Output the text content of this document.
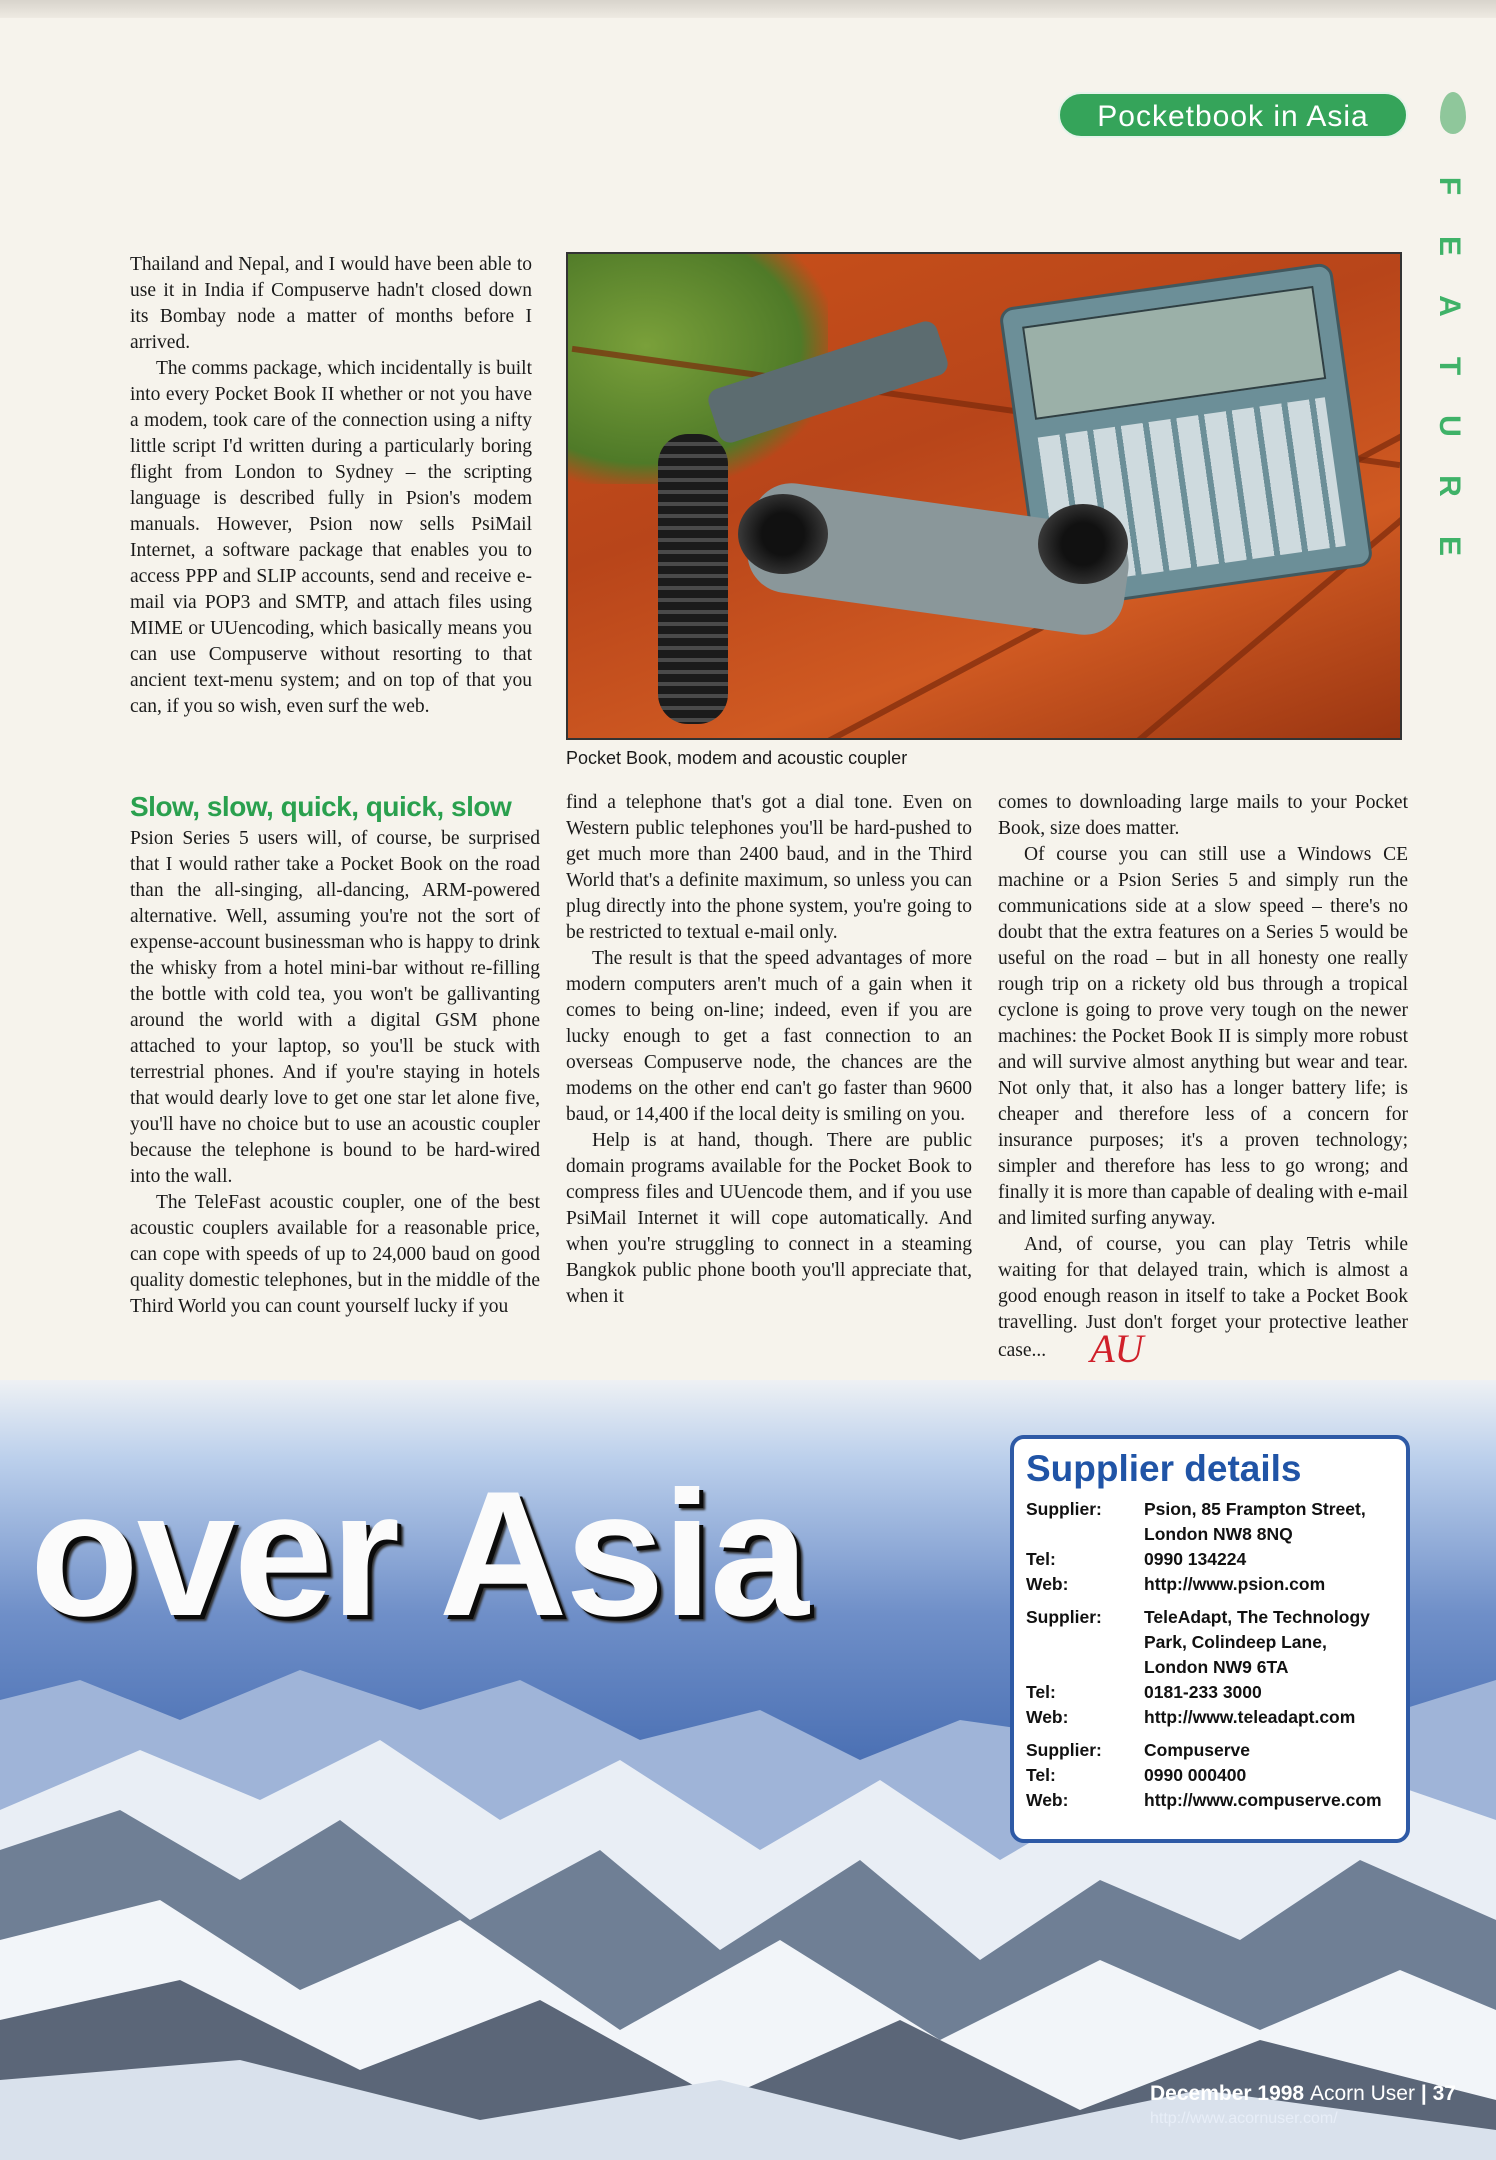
Pocketbook in Asia
F
E
A
T
U
R
E

Thailand and Nepal, and I would have been able to use it in India if Compuserve hadn't closed down its Bombay node a matter of months before I arrived.

The comms package, which incidentally is built into every Pocket Book II whether or not you have a modem, took care of the connection using a nifty little script I'd written during a particularly boring flight from London to Sydney – the scripting language is described fully in Psion's modem manuals. However, Psion now sells PsiMail Internet, a software package that enables you to access PPP and SLIP accounts, send and receive e-mail via POP3 and SMTP, and attach files using MIME or UUencoding, which basically means you can use Compuserve without resorting to that ancient text-menu system; and on top of that you can, if you so wish, even surf the web.

Pocket Book, modem and acoustic coupler
Slow, slow, quick, quick, slow

Psion Series 5 users will, of course, be surprised that I would rather take a Pocket Book on the road than the all-singing, all-dancing, ARM-powered alternative. Well, assuming you're not the sort of expense-account businessman who is happy to drink the whisky from a hotel mini-bar without re-filling the bottle with cold tea, you won't be gallivanting around the world with a digital GSM phone attached to your laptop, so you'll be stuck with terrestrial phones. And if you're staying in hotels that would dearly love to get one star let alone five, you'll have no choice but to use an acoustic coupler because the telephone is bound to be hard-wired into the wall.

The TeleFast acoustic coupler, one of the best acoustic couplers available for a reasonable price, can cope with speeds of up to 24,000 baud on good quality domestic telephones, but in the middle of the Third World you can count yourself lucky if you

find a telephone that's got a dial tone. Even on Western public telephones you'll be hard-pushed to get much more than 2400 baud, and in the Third World that's a definite maximum, so unless you can plug directly into the phone system, you're going to be restricted to textual e-mail only.

The result is that the speed advantages of more modern computers aren't much of a gain when it comes to being on-line; indeed, even if you are lucky enough to get a fast connection to an overseas Compuserve node, the chances are the modems on the other end can't go faster than 9600 baud, or 14,400 if the local deity is smiling on you.

Help is at hand, though. There are public domain programs available for the Pocket Book to compress files and UUencode them, and if you use PsiMail Internet it will cope automatically. And when you're struggling to connect in a steaming Bangkok public phone booth you'll appreciate that, when it

comes to downloading large mails to your Pocket Book, size does matter.

Of course you can still use a Windows CE machine or a Psion Series 5 and simply run the communications side at a slow speed – there's no doubt that the extra features on a Series 5 would be useful on the road – but in all honesty one really rough trip on a rickety old bus through a tropical cyclone is going to prove very tough on the newer machines: the Pocket Book II is simply more robust and will survive almost anything but wear and tear. Not only that, it also has a longer battery life; is cheaper and therefore less of a concern for insurance purposes; it's a proven technology; simpler and therefore has less to go wrong; and finally it is more than capable of dealing with e-mail and limited surfing anyway.

And, of course, you can play Tetris while waiting for that delayed train, which is almost a good enough reason in itself to take a Pocket Book travelling. Just don't forget your protective leather case... AU

over Asia	Supplier details
Supplier:	Psion, 85 Frampton Street,
London NW8 8NQ
Tel:	0990 134224
Web:	http://www.psion.com
Supplier:	TeleAdapt, The Technology
Park, Colindeep Lane,
London NW9 6TA
Tel:	0181-233 3000
Web:	http://www.teleadapt.com
Supplier:	Compuserve
Tel:	0990 000400
Web:	http://www.compuserve.com
December 1998 Acorn User | 37
http://www.acornuser.com/
